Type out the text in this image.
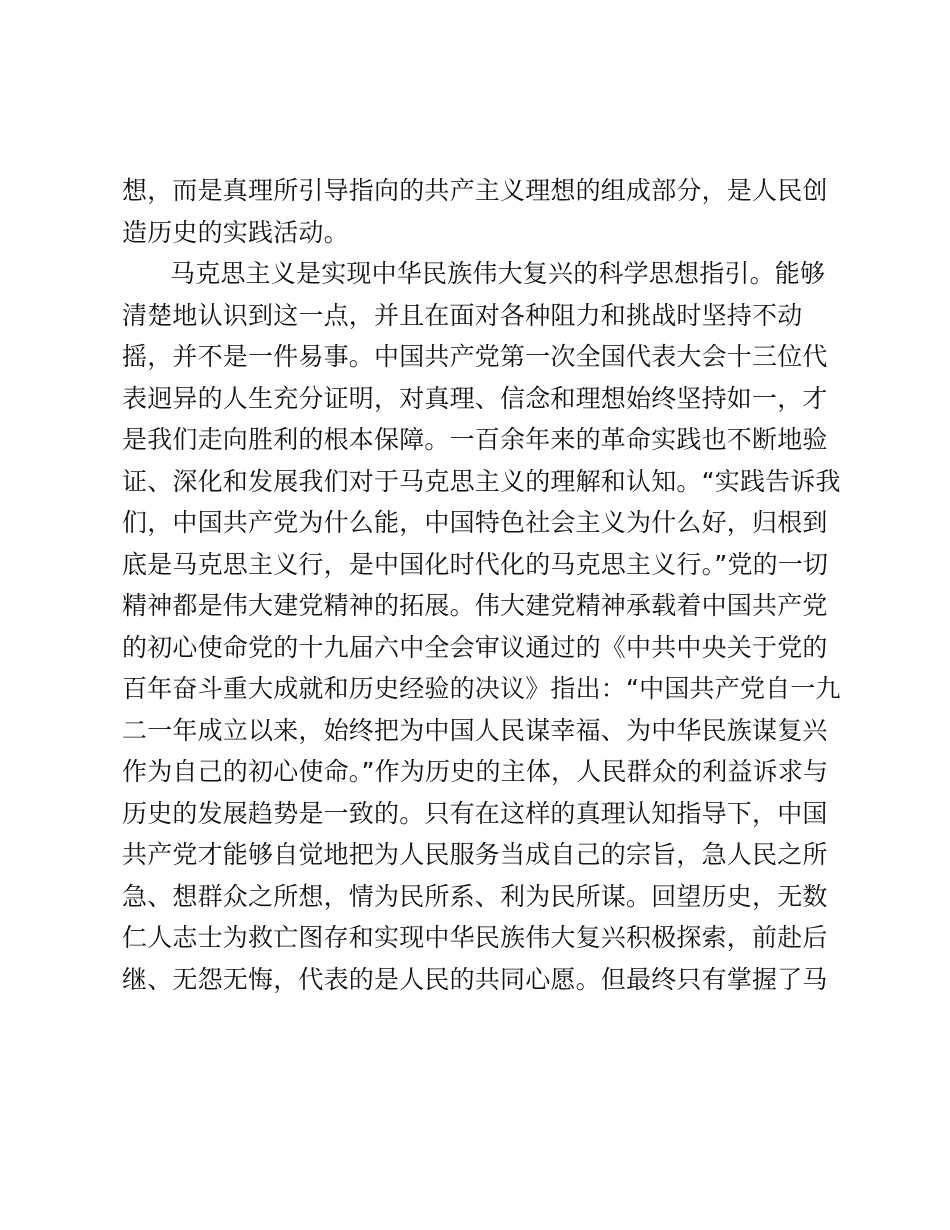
想，而是真理所引导指向的共产主义理想的组成部分，是人民创
造历史的实践活动。
马克思主义是实现中华民族伟大复兴的科学思想指引。能够
清楚地认识到这一点，并且在面对各种阻力和挑战时坚持不动
摇，并不是一件易事。中国共产党第一次全国代表大会十三位代
表迥异的人生充分证明，对真理、信念和理想始终坚持如一，才
是我们走向胜利的根本保障。一百余年来的革命实践也不断地验
证、深化和发展我们对于马克思主义的理解和认知。“实践告诉我
们，中国共产党为什么能，中国特色社会主义为什么好，归根到
底是马克思主义行，是中国化时代化的马克思主义行。”党的一切
精神都是伟大建党精神的拓展。伟大建党精神承载着中国共产党
的初心使命党的十九届六中全会审议通过的《中共中央关于党的
百年奋斗重大成就和历史经验的决议》指出：“中国共产党自一九
二一年成立以来，始终把为中国人民谋幸福、为中华民族谋复兴
作为自己的初心使命。”作为历史的主体，人民群众的利益诉求与
历史的发展趋势是一致的。只有在这样的真理认知指导下，中国
共产党才能够自觉地把为人民服务当成自己的宗旨，急人民之所
急、想群众之所想，情为民所系、利为民所谋。回望历史，无数
仁人志士为救亡图存和实现中华民族伟大复兴积极探索，前赴后
继、无怨无悔，代表的是人民的共同心愿。但最终只有掌握了马
